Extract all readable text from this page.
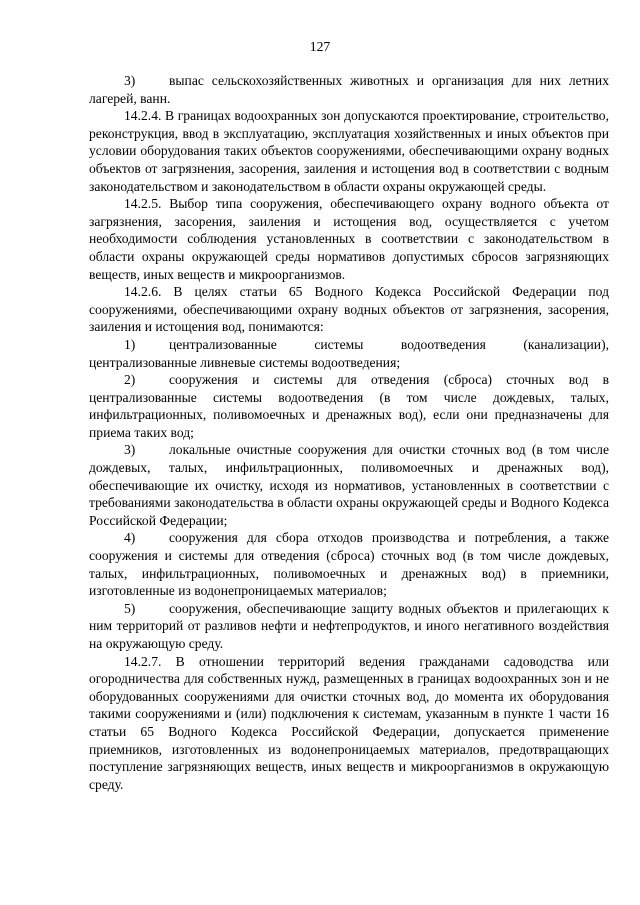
127

3) выпас сельскохозяйственных животных и организация для них летних лагерей, ванн.

14.2.4. В границах водоохранных зон допускаются проектирование, строительство, реконструкция, ввод в эксплуатацию, эксплуатация хозяйственных и иных объектов при условии оборудования таких объектов сооружениями, обеспечивающими охрану водных объектов от загрязнения, засорения, заиления и истощения вод в соответствии с водным законодательством и законодательством в области охраны окружающей среды.

14.2.5. Выбор типа сооружения, обеспечивающего охрану водного объекта от загрязнения, засорения, заиления и истощения вод, осуществляется с учетом необходимости соблюдения установленных в соответствии с законодательством в области охраны окружающей среды нормативов допустимых сбросов загрязняющих веществ, иных веществ и микроорганизмов.

14.2.6. В целях статьи 65 Водного Кодекса Российской Федерации под сооружениями, обеспечивающими охрану водных объектов от загрязнения, засорения, заиления и истощения вод, понимаются:

1) централизованные системы водоотведения (канализации), централизованные ливневые системы водоотведения;

2) сооружения и системы для отведения (сброса) сточных вод в централизованные системы водоотведения (в том числе дождевых, талых, инфильтрационных, поливомоечных и дренажных вод), если они предназначены для приема таких вод;

3) локальные очистные сооружения для очистки сточных вод (в том числе дождевых, талых, инфильтрационных, поливомоечных и дренажных вод), обеспечивающие их очистку, исходя из нормативов, установленных в соответствии с требованиями законодательства в области охраны окружающей среды и Водного Кодекса Российской Федерации;

4) сооружения для сбора отходов производства и потребления, а также сооружения и системы для отведения (сброса) сточных вод (в том числе дождевых, талых, инфильтрационных, поливомоечных и дренажных вод) в приемники, изготовленные из водонепроницаемых материалов;

5) сооружения, обеспечивающие защиту водных объектов и прилегающих к ним территорий от разливов нефти и нефтепродуктов, и иного негативного воздействия на окружающую среду.

14.2.7. В отношении территорий ведения гражданами садоводства или огородничества для собственных нужд, размещенных в границах водоохранных зон и не оборудованных сооружениями для очистки сточных вод, до момента их оборудования такими сооружениями и (или) подключения к системам, указанным в пункте 1 части 16 статьи 65 Водного Кодекса Российской Федерации, допускается применение приемников, изготовленных из водонепроницаемых материалов, предотвращающих поступление загрязняющих веществ, иных веществ и микроорганизмов в окружающую среду.
